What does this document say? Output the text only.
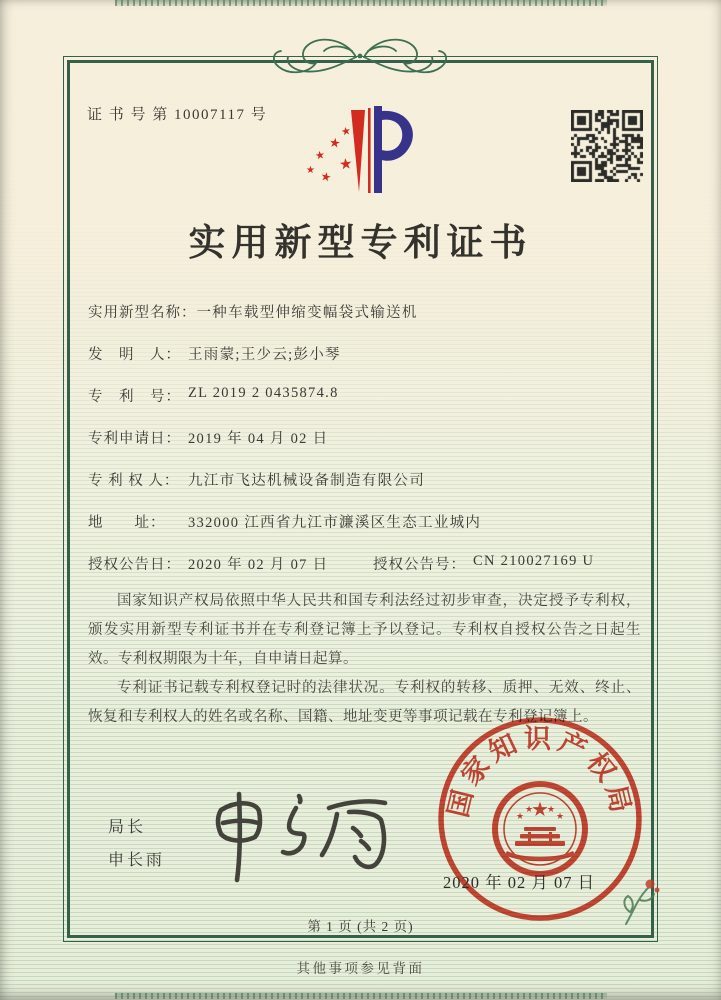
证 书 号 第 10007117 号
★
★
★
★ ★
★
实用新型专利证书
实用新型名称： 一种车载型伸缩变幅袋式输送机
发　明　人： 王雨蒙;王少云;彭小琴
专　利　号： ZL 2019 2 0435874.8
专利申请日： 2019 年 04 月 02 日
专 利 权 人： 九江市飞达机械设备制造有限公司
地　　址：	332000 江西省九江市濂溪区生态工业城内
授权公告日： 2020 年 02 月 07 日	授权公告号： CN 210027169 U

国家知识产权局依照中华人民共和国专利法经过初步审查，决定授予专利权，颁发实用新型专利证书并在专利登记簿上予以登记。专利权自授权公告之日起生效。专利权期限为十年，自申请日起算。

专利证书记载专利权登记时的法律状况。专利权的转移、质押、无效、终止、恢复和专利权人的姓名或名称、国籍、地址变更等事项记载在专利登记簿上。

局长
申长雨
国家知识产权局
★
★
★ ★
★
2020 年 02 月 07 日
第 1 页 (共 2 页)
其他事项参见背面
